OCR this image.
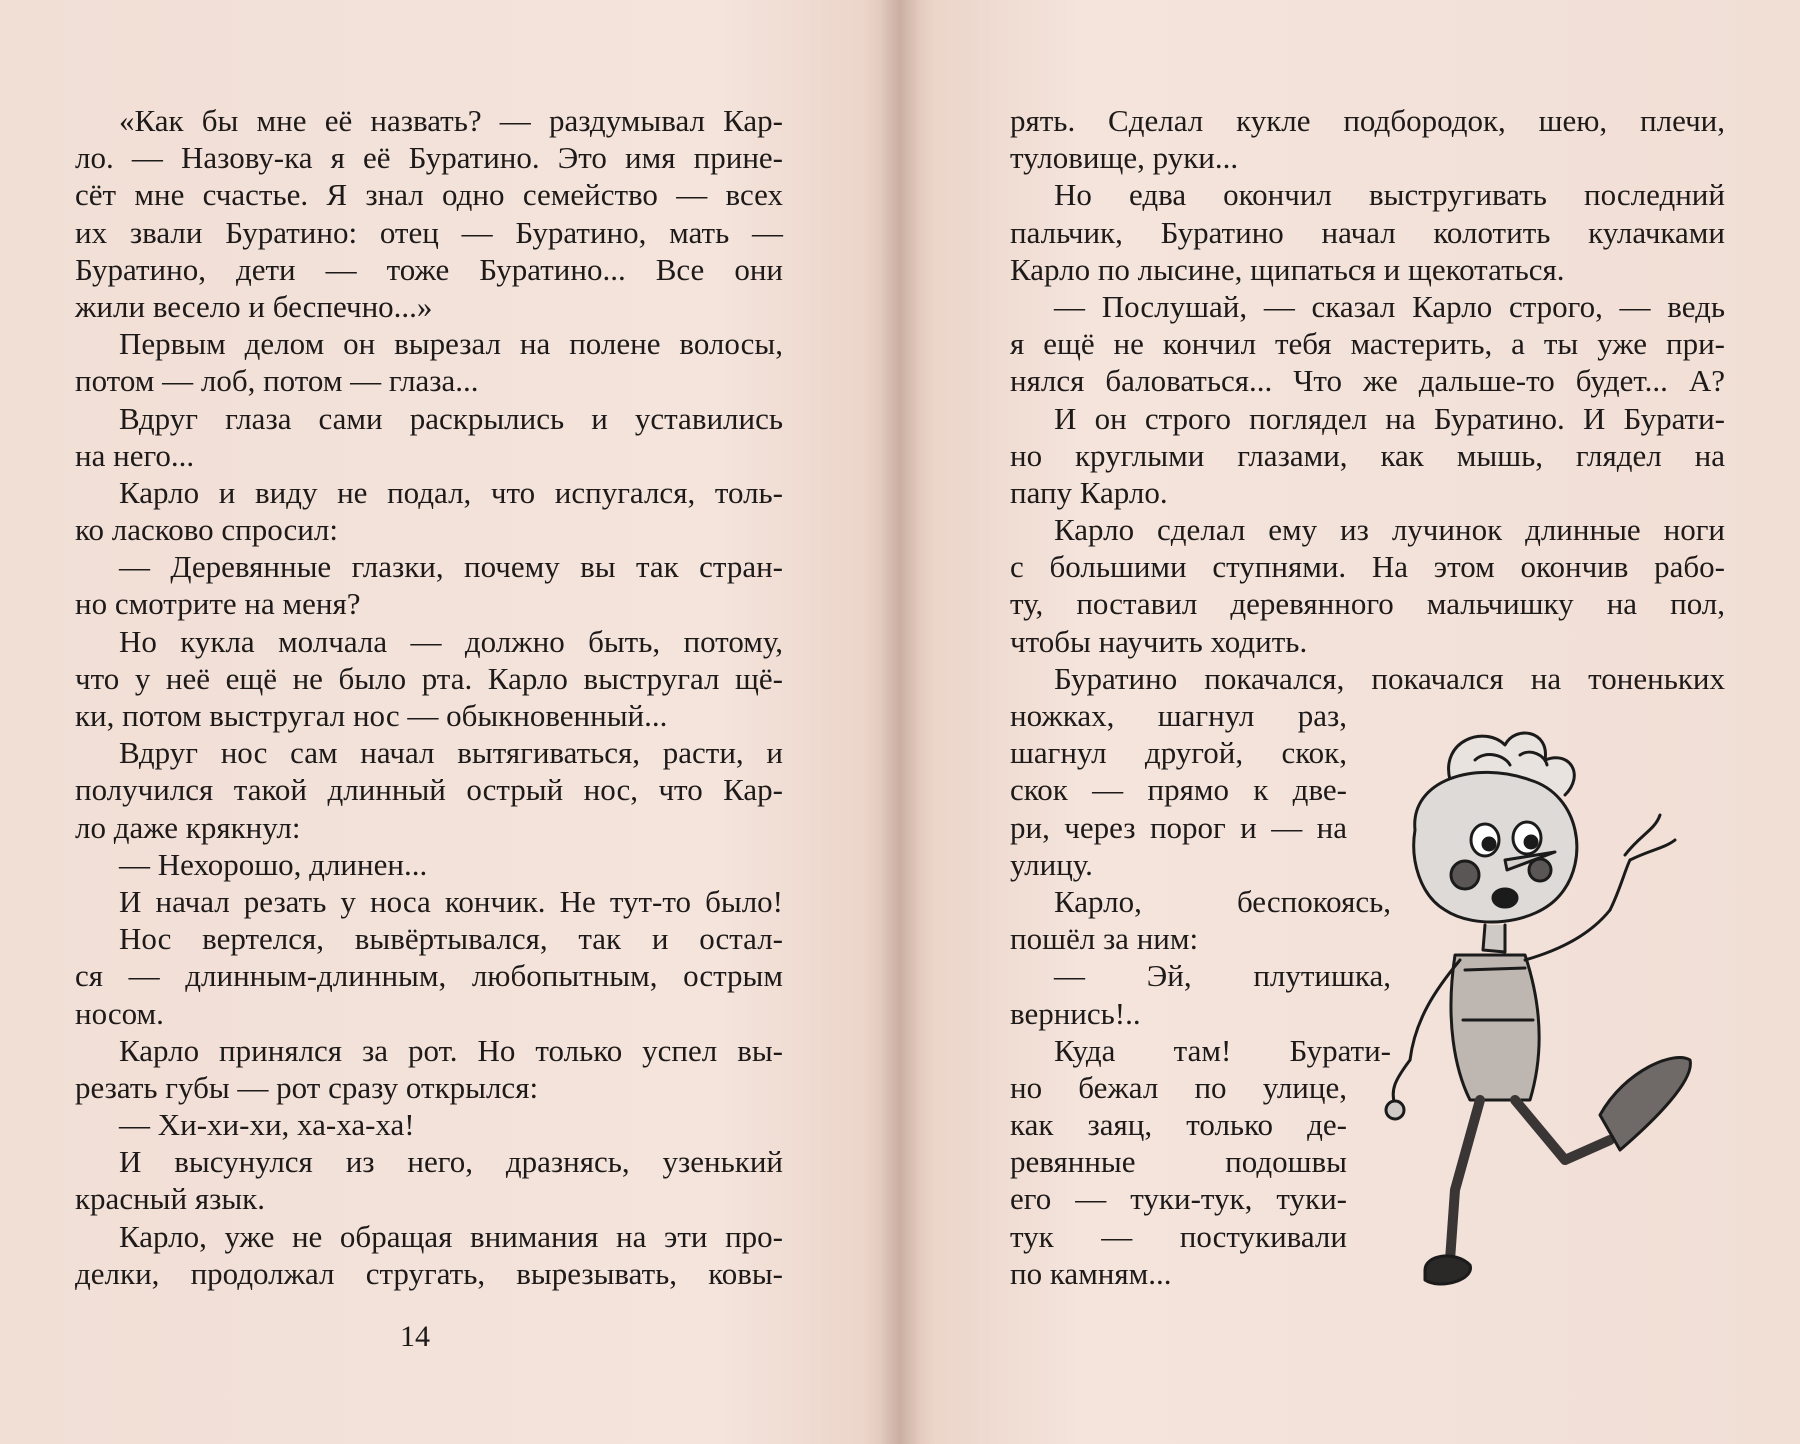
«Как бы мне её назвать? — раздумывал Кар-
ло. — Назову-ка я её Буратино. Это имя прине-
сёт мне счастье. Я знал одно семейство — всех
их звали Буратино: отец — Буратино, мать —
Буратино, дети — тоже Буратино... Все они
жили весело и беспечно...»
Первым делом он вырезал на полене волосы,
потом — лоб, потом — глаза...
Вдруг глаза сами раскрылись и уставились
на него...
Карло и виду не подал, что испугался, толь-
ко ласково спросил:
— Деревянные глазки, почему вы так стран-
но смотрите на меня?
Но кукла молчала — должно быть, потому,
что у неё ещё не было рта. Карло выстругал щё-
ки, потом выстругал нос — обыкновенный...
Вдруг нос сам начал вытягиваться, расти, и
получился такой длинный острый нос, что Кар-
ло даже крякнул:
— Нехорошо, длинен...
И начал резать у носа кончик. Не тут-то было!
Нос вертелся, вывёртывался, так и остал-
ся — длинным-длинным, любопытным, острым
носом.
Карло принялся за рот. Но только успел вы-
резать губы — рот сразу открылся:
— Хи-хи-хи, ха-ха-ха!
И высунулся из него, дразнясь, узенький
красный язык.
Карло, уже не обращая внимания на эти про-
делки, продолжал стругать, вырезывать, ковы-
14
рять. Сделал кукле подбородок, шею, плечи,
туловище, руки...
Но едва окончил выстругивать последний
пальчик, Буратино начал колотить кулачками
Карло по лысине, щипаться и щекотаться.
— Послушай, — сказал Карло строго, — ведь
я ещё не кончил тебя мастерить, а ты уже при-
нялся баловаться... Что же дальше-то будет... А?
И он строго поглядел на Буратино. И Бурати-
но круглыми глазами, как мышь, глядел на
папу Карло.
Карло сделал ему из лучинок длинные ноги
с большими ступнями. На этом окончив рабо-
ту, поставил деревянного мальчишку на пол,
чтобы научить ходить.
Буратино покачался, покачался на тоненьких
ножках, шагнул раз,
шагнул другой, скок,
скок — прямо к две-
ри, через порог и — на
улицу.
Карло, беспокоясь,
пошёл за ним:
— Эй, плутишка,
вернись!..
Куда там! Бурати-
но бежал по улице,
как заяц, только де-
ревянные подошвы
его — туки-тук, туки-
тук — постукивали
по камням...
